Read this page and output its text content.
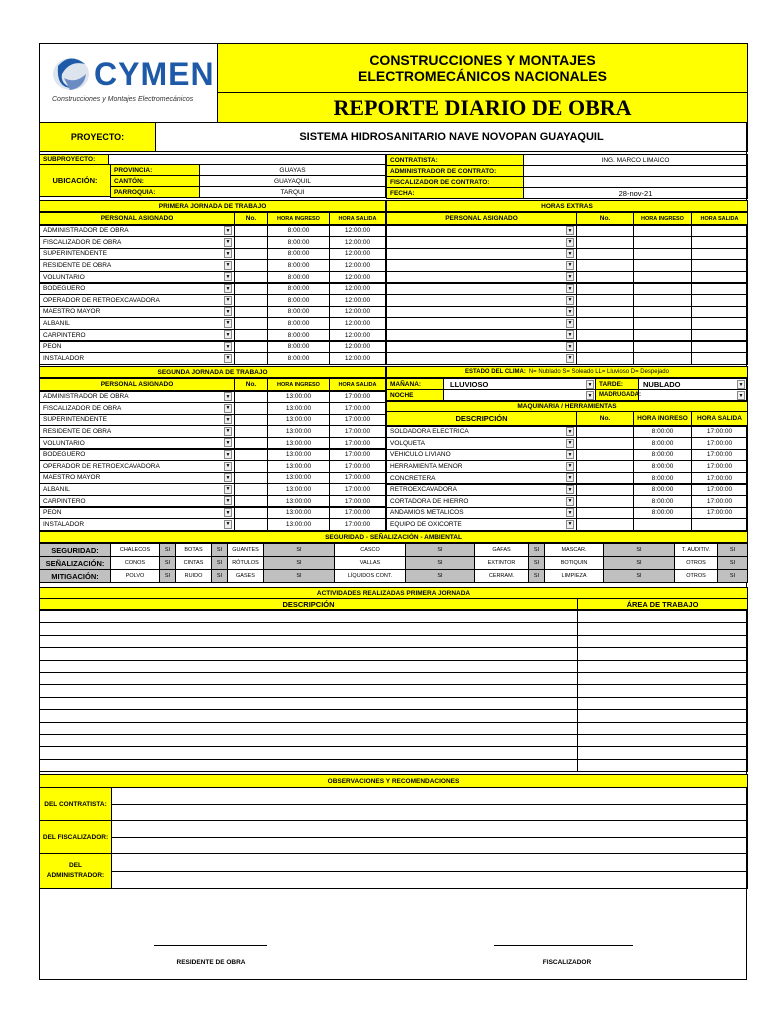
CYMEN
Construcciones y Montajes Electromecánicos
CONSTRUCCIONES Y MONTAJES
ELECTROMECÁNICOS NACIONALES
REPORTE DIARIO DE OBRA
PROYECTO:	SISTEMA HIDROSANITARIO NAVE NOVOPAN GUAYAQUIL
SUBPROYECTO:
UBICACIÓN:
PROVINCIA:	GUAYAS
CANTÓN:	GUAYAQUIL
PARROQUIA:	TARQUI
CONTRATISTA:	ING. MARCO LIMAICO
ADMINISTRADOR DE CONTRATO:
FISCALIZADOR DE CONTRATO:
FECHA:	28-nov-21
PRIMERA JORNADA DE TRABAJO
PERSONAL ASIGNADO	No.	HORA INGRESO	HORA SALIDA
ADMINISTRADOR DE OBRA	▼	8:00:00	12:00:00
FISCALIZADOR DE OBRA	▼	8:00:00	12:00:00
SUPERINTENDENTE	▼	8:00:00	12:00:00
RESIDENTE DE OBRA	▼	8:00:00	12:00:00
VOLUNTARIO	▼	8:00:00	12:00:00
BODEGUERO	▼	8:00:00	12:00:00
OPERADOR DE RETROEXCAVADORA	▼	8:00:00	12:00:00
MAESTRO MAYOR	▼	8:00:00	12:00:00
ALBANIL	▼	8:00:00	12:00:00
CARPINTERO	▼	8:00:00	12:00:00
PEON	▼	8:00:00	12:00:00
INSTALADOR	▼	8:00:00	12:00:00
HORAS EXTRAS
PERSONAL ASIGNADO	No.	HORA INGRESO	HORA SALIDA
▼
▼
▼
▼
▼
▼
▼
▼
▼
▼
▼
▼
SEGUNDA JORNADA DE TRABAJO
PERSONAL ASIGNADO	No.	HORA INGRESO	HORA SALIDA
ADMINISTRADOR DE OBRA	▼	13:00:00	17:00:00
FISCALIZADOR DE OBRA	▼	13:00:00	17:00:00
SUPERINTENDENTE	▼	13:00:00	17:00:00
RESIDENTE DE OBRA	▼	13:00:00	17:00:00
VOLUNTARIO	▼	13:00:00	17:00:00
BODEGUERO	▼	13:00:00	17:00:00
OPERADOR DE RETROEXCAVADORA	▼	13:00:00	17:00:00
MAESTRO MAYOR	▼	13:00:00	17:00:00
ALBANIL	▼	13:00:00	17:00:00
CARPINTERO	▼	13:00:00	17:00:00
PEON	▼	13:00:00	17:00:00
INSTALADOR	▼	13:00:00	17:00:00
ESTADO DEL CLIMA: N= Nublado S= Soleado LL= Lluvioso D= Despejado
MAÑANA:	LLUVIOSO	▼	TARDE:	NUBLADO	▼
NOCHE	▼	MADRUGADA:	▼
MAQUINARIA / HERRAMIENTAS
DESCRIPCIÓN	No.	HORA INGRESO	HORA SALIDA
SOLDADORA ELECTRICA	▼	8:00:00	17:00:00
VOLQUETA	▼	8:00:00	17:00:00
VEHICULO LIVIANO	▼	8:00:00	17:00:00
HERRAMIENTA MENOR	▼	8:00:00	17:00:00
CONCRETERA	▼	8:00:00	17:00:00
RETROEXCAVADORA	▼	8:00:00	17:00:00
CORTADORA DE HIERRO	▼	8:00:00	17:00:00
ANDAMIOS METALICOS	▼	8:00:00	17:00:00
EQUIPO DE OXICORTE	▼
SEGURIDAD - SEÑALIZACIÓN - AMBIENTAL
SEGURIDAD:	CHALECOS	SI	BOTAS	SI	GUANTES	SI	CASCO	SI	GAFAS	SI	MASCAR.	SI	T. AUDITIV.	SI
SEÑALIZACIÓN:	CONOS	SI	CINTAS	SI	RÓTULOS	SI	VALLAS	SI	EXTINTOR	SI	BOTIQUIN	SI	OTROS	SI
MITIGACIÓN:	POLVO	SI	RUIDO	SI	GASES	SI	LÍQUIDOS CONT.	SI	CERRAM.	SI	LIMPIEZA	SI	OTROS	SI
ACTIVIDADES REALIZADAS PRIMERA JORNADA
DESCRIPCIÓN	ÁREA DE TRABAJO
OBSERVACIONES Y RECOMENDACIONES
DEL CONTRATISTA:
DEL FISCALIZADOR:
DEL
ADMINISTRADOR:
RESIDENTE DE OBRA	FISCALIZADOR
